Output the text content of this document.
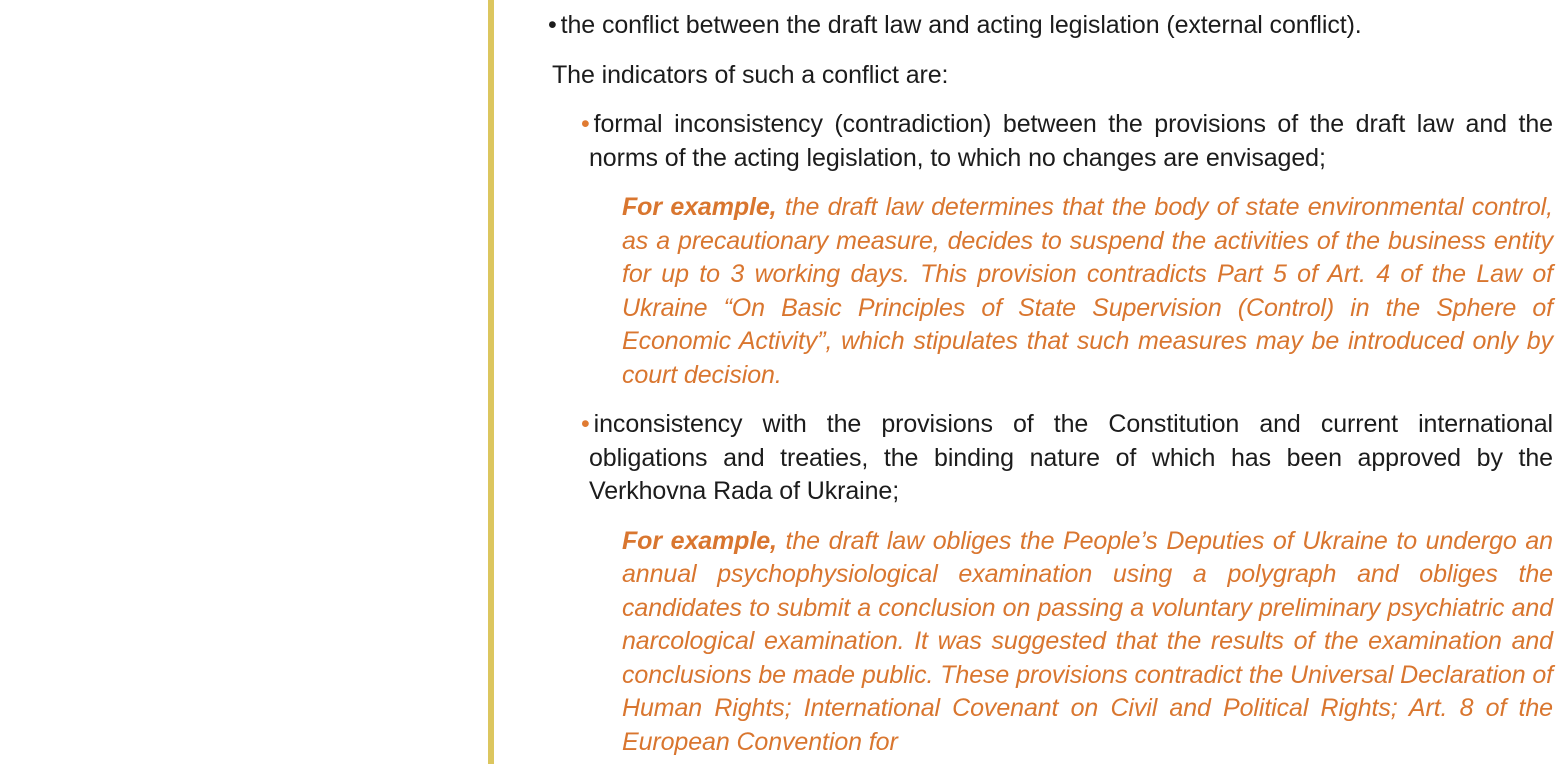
• the conflict between the draft law and acting legislation (external conflict).

The indicators of such a conflict are:

• formal inconsistency (contradiction) between the provisions of the draft law and the norms of the acting legislation, to which no changes are envisaged;

For example, the draft law determines that the body of state environmental control, as a precautionary measure, decides to suspend the activities of the business entity for up to 3 working days. This provision contradicts Part 5 of Art. 4 of the Law of Ukraine “On Basic Principles of State Supervision (Control) in the Sphere of Economic Activity”, which stipulates that such measures may be introduced only by court decision.

• inconsistency with the provisions of the Constitution and current international obligations and treaties, the binding nature of which has been approved by the Verkhovna Rada of Ukraine;

For example, the draft law obliges the People’s Deputies of Ukraine to undergo an annual psychophysiological examination using a polygraph and obliges the candidates to submit a conclusion on passing a voluntary preliminary psychiatric and narcological examination. It was suggested that the results of the examination and conclusions be made public. These provisions contradict the Universal Declaration of Human Rights; International Covenant on Civil and Political Rights; Art. 8 of the European Convention for
